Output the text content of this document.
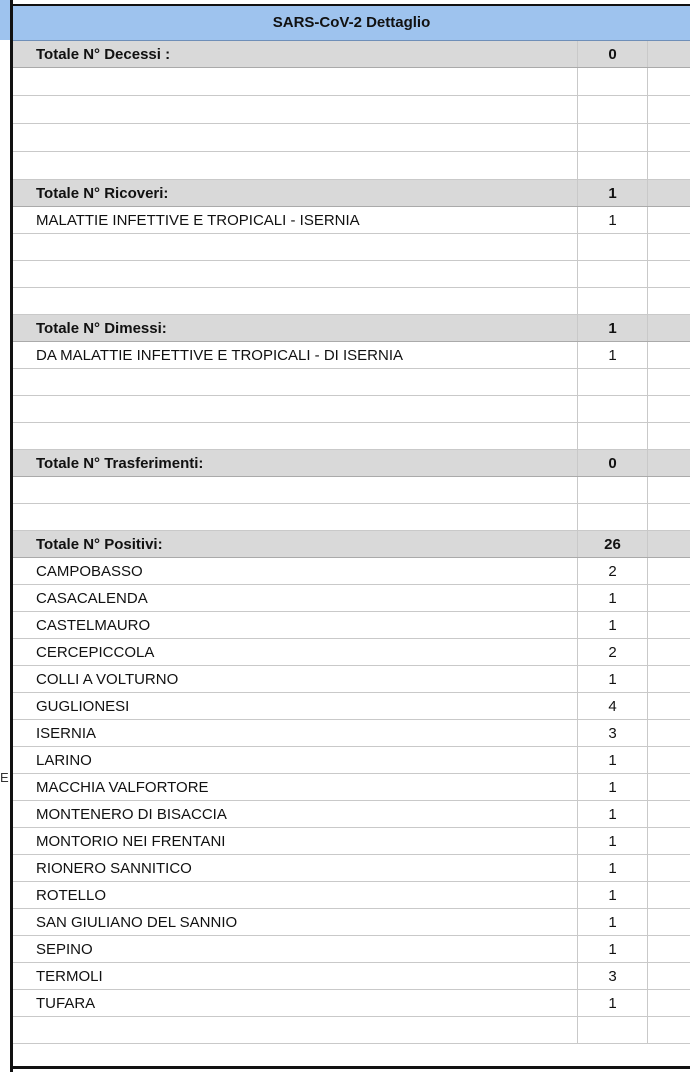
E
SARS-CoV-2 Dettaglio
Totale N° Decessi :	0
Totale N° Ricoveri:	1
MALATTIE INFETTIVE E TROPICALI - ISERNIA	1
Totale N° Dimessi:	1
DA MALATTIE INFETTIVE E TROPICALI - DI ISERNIA	1
Totale N° Trasferimenti:	0
Totale N° Positivi:	26
CAMPOBASSO	2
CASACALENDA	1
CASTELMAURO	1
CERCEPICCOLA	2
COLLI A VOLTURNO	1
GUGLIONESI	4
ISERNIA	3
LARINO	1
MACCHIA VALFORTORE	1
MONTENERO DI BISACCIA	1
MONTORIO NEI FRENTANI	1
RIONERO SANNITICO	1
ROTELLO	1
SAN GIULIANO DEL SANNIO	1
SEPINO	1
TERMOLI	3
TUFARA	1
